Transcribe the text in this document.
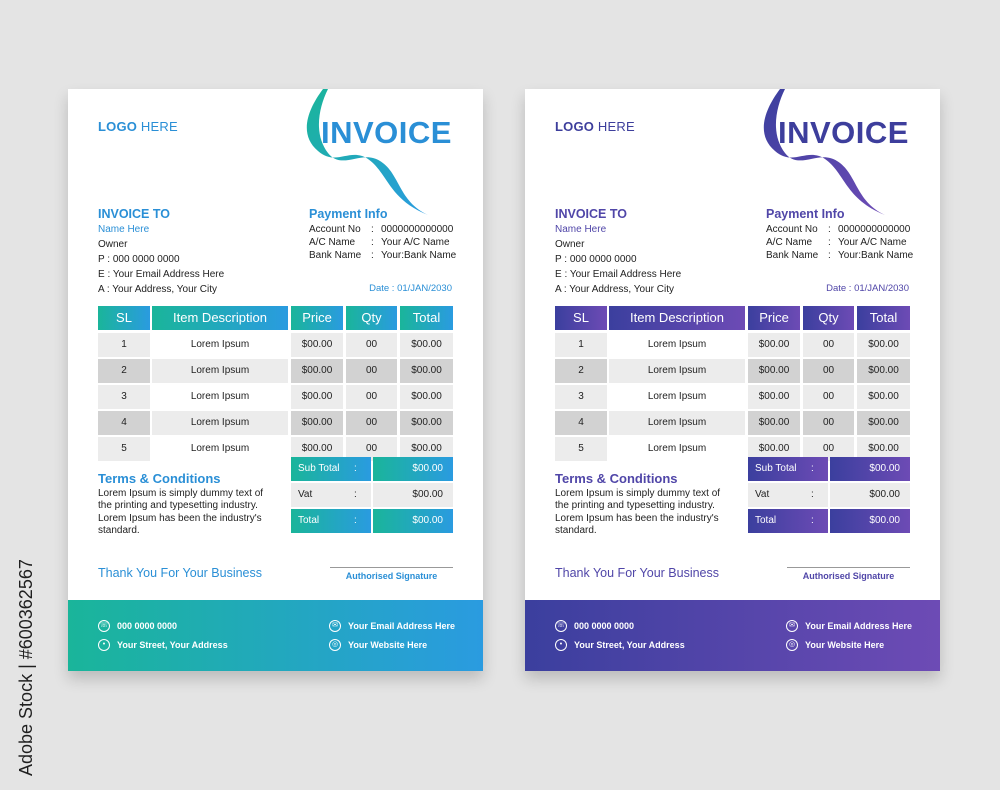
Adobe Stock | #600362567
LOGO HERE	INVOICE
INVOICE TO
Name Here
Owner
P : 000 0000 0000
E : Your Email Address Here
A : Your Address, Your City
Payment Info
Account No : 0000000000000
A/C Name : Your A/C Name
Bank Name : Your:Bank Name
Date : 01/JAN/2030
SL	Item Description	Price	Qty	Total
1	Lorem Ipsum	$00.00	00	$00.00
2	Lorem Ipsum	$00.00	00	$00.00
3	Lorem Ipsum	$00.00	00	$00.00
4	Lorem Ipsum	$00.00	00	$00.00
5	Lorem Ipsum	$00.00	00	$00.00
Terms & Conditions
Lorem Ipsum is simply dummy text of the printing and typesetting industry. Lorem Ipsum has been the industry's standard.
Sub Total :	$00.00
Vat	:	$00.00
Total	:	$00.00
Thank You For Your Business	Authorised Signature
☏ 000 0000 0000
•	Your Street, Your Address
✉	Your Email Address Here
◎	Your Website Here
LOGO HERE	INVOICE
INVOICE TO
Name Here
Owner
P : 000 0000 0000
E : Your Email Address Here
A : Your Address, Your City
Payment Info
Account No : 0000000000000
A/C Name : Your A/C Name
Bank Name : Your:Bank Name
Date : 01/JAN/2030
SL	Item Description	Price	Qty	Total
1	Lorem Ipsum	$00.00	00	$00.00
2	Lorem Ipsum	$00.00	00	$00.00
3	Lorem Ipsum	$00.00	00	$00.00
4	Lorem Ipsum	$00.00	00	$00.00
5	Lorem Ipsum	$00.00	00	$00.00
Terms & Conditions
Lorem Ipsum is simply dummy text of the printing and typesetting industry. Lorem Ipsum has been the industry's standard.
Sub Total :	$00.00
Vat	:	$00.00
Total	:	$00.00
Thank You For Your Business	Authorised Signature
☏ 000 0000 0000
•	Your Street, Your Address
✉	Your Email Address Here
◎	Your Website Here
